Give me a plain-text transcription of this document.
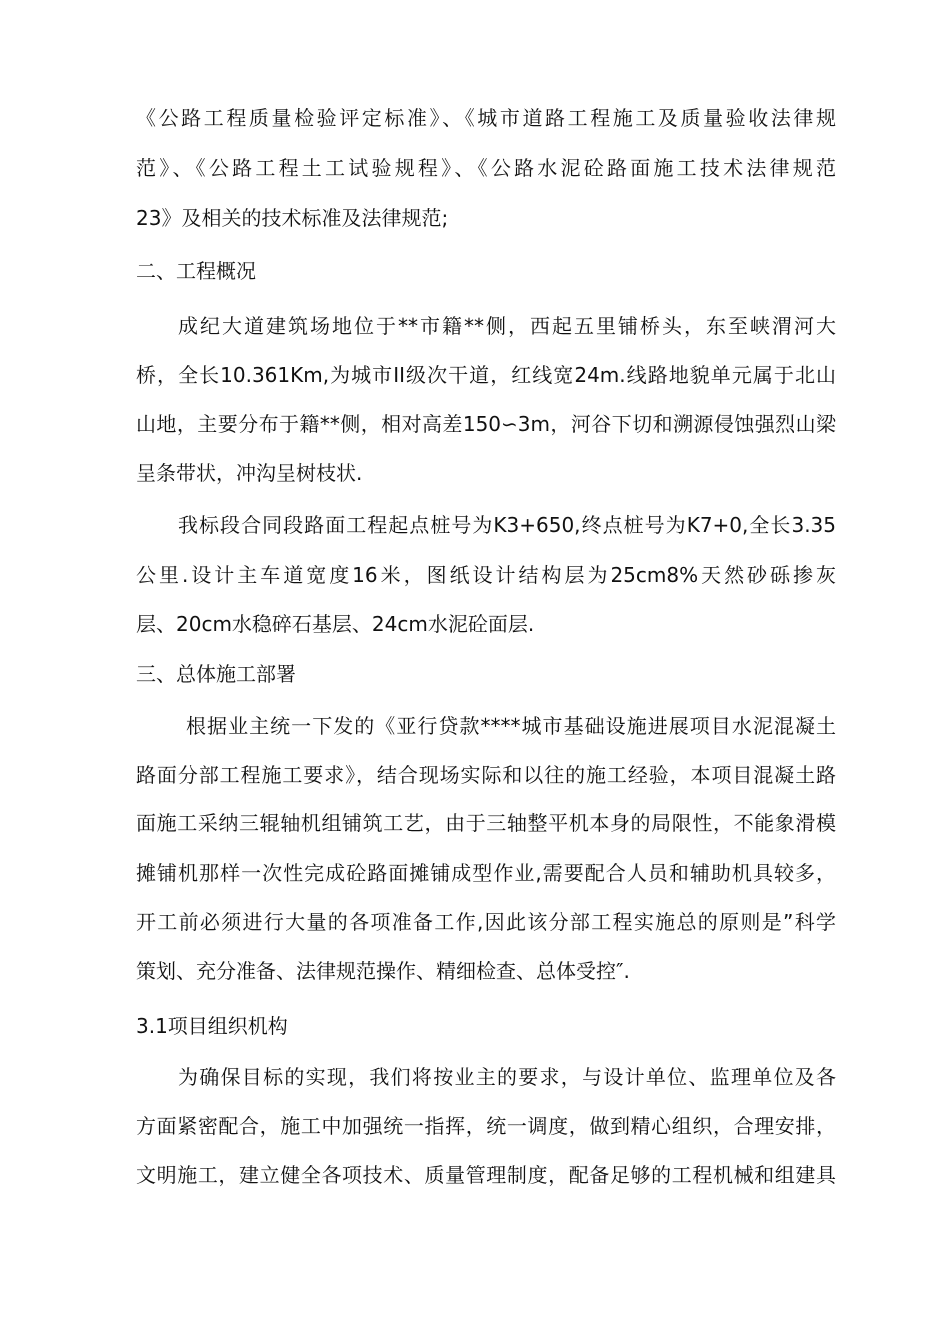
《公路工程质量检验评定标准》、《城市道路工程施工及质量验收法律规
范》、《公路工程土工试验规程》、《公路水泥砼路面施工技术法律规范
23》及相关的技术标准及法律规范;
二、工程概况
成纪大道建筑场地位于**市籍**侧，西起五里铺桥头，东至峡渭河大
桥，全长10.361Km,为城市II级次干道，红线宽24m.线路地貌单元属于北山
山地，主要分布于籍**侧，相对高差150∽3m，河谷下切和溯源侵蚀强烈山梁
呈条带状，冲沟呈树枝状.
我标段合同段路面工程起点桩号为K3+650,终点桩号为K7+0,全长3.35
公里.设计主车道宽度16米，图纸设计结构层为25cm8%天然砂砾掺灰
层、20cm水稳碎石基层、24cm水泥砼面层.
三、总体施工部署
根据业主统一下发的《亚行贷款****城市基础设施进展项目水泥混凝土
路面分部工程施工要求》，结合现场实际和以往的施工经验，本项目混凝土路
面施工采纳三辊轴机组铺筑工艺，由于三轴整平机本身的局限性，不能象滑模
摊铺机那样一次性完成砼路面摊铺成型作业,需要配合人员和辅助机具较多，
开工前必须进行大量的各项准备工作,因此该分部工程实施总的原则是”科学
策划、充分准备、法律规范操作、精细检查、总体受控″.
3.1项目组织机构
为确保目标的实现，我们将按业主的要求，与设计单位、监理单位及各
方面紧密配合，施工中加强统一指挥，统一调度，做到精心组织，合理安排，
文明施工，建立健全各项技术、质量管理制度，配备足够的工程机械和组建具
